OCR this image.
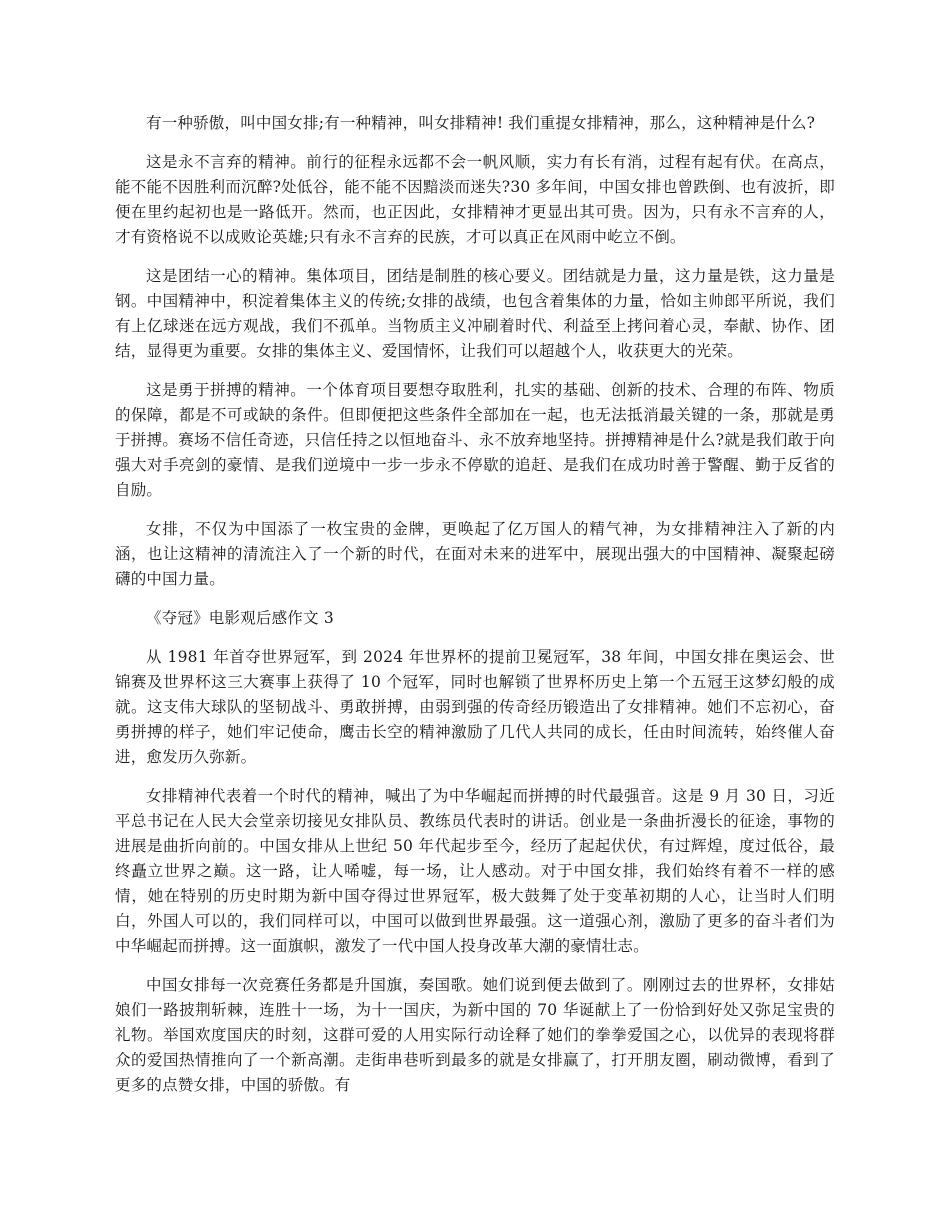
有一种骄傲，叫中国女排;有一种精神，叫女排精神! 我们重提女排精神，那么，这种精神是什么?

这是永不言弃的精神。前行的征程永远都不会一帆风顺，实力有长有消，过程有起有伏。在高点，能不能不因胜利而沉醉?处低谷，能不能不因黯淡而迷失?30 多年间，中国女排也曾跌倒、也有波折，即便在里约起初也是一路低开。然而，也正因此，女排精神才更显出其可贵。因为，只有永不言弃的人，才有资格说不以成败论英雄;只有永不言弃的民族，才可以真正在风雨中屹立不倒。

这是团结一心的精神。集体项目，团结是制胜的核心要义。团结就是力量，这力量是铁，这力量是钢。中国精神中，积淀着集体主义的传统;女排的战绩，也包含着集体的力量，恰如主帅郎平所说，我们有上亿球迷在远方观战，我们不孤单。当物质主义冲刷着时代、利益至上拷问着心灵，奉献、协作、团结，显得更为重要。女排的集体主义、爱国情怀，让我们可以超越个人，收获更大的光荣。

这是勇于拼搏的精神。一个体育项目要想夺取胜利，扎实的基础、创新的技术、合理的布阵、物质的保障，都是不可或缺的条件。但即便把这些条件全部加在一起，也无法抵消最关键的一条，那就是勇于拼搏。赛场不信任奇迹，只信任持之以恒地奋斗、永不放弃地坚持。拼搏精神是什么?就是我们敢于向强大对手亮剑的豪情、是我们逆境中一步一步永不停歇的追赶、是我们在成功时善于警醒、勤于反省的自励。

女排，不仅为中国添了一枚宝贵的金牌，更唤起了亿万国人的精气神，为女排精神注入了新的内涵，也让这精神的清流注入了一个新的时代，在面对未来的进军中，展现出强大的中国精神、凝聚起磅礴的中国力量。

《夺冠》电影观后感作文 3

从 1981 年首夺世界冠军，到 2024 年世界杯的提前卫冕冠军，38 年间，中国女排在奥运会、世锦赛及世界杯这三大赛事上获得了 10 个冠军，同时也解锁了世界杯历史上第一个五冠王这梦幻般的成就。这支伟大球队的坚韧战斗、勇敢拼搏，由弱到强的传奇经历锻造出了女排精神。她们不忘初心，奋勇拼搏的样子，她们牢记使命，鹰击长空的精神激励了几代人共同的成长，任由时间流转，始终催人奋进，愈发历久弥新。

女排精神代表着一个时代的精神，喊出了为中华崛起而拼搏的时代最强音。这是 9 月 30 日，习近平总书记在人民大会堂亲切接见女排队员、教练员代表时的讲话。创业是一条曲折漫长的征途，事物的进展是曲折向前的。中国女排从上世纪 50 年代起步至今，经历了起起伏伏，有过辉煌，度过低谷，最终矗立世界之巅。这一路，让人唏嘘，每一场，让人感动。对于中国女排，我们始终有着不一样的感情，她在特别的历史时期为新中国夺得过世界冠军，极大鼓舞了处于变革初期的人心，让当时人们明白，外国人可以的，我们同样可以，中国可以做到世界最强。这一道强心剂，激励了更多的奋斗者们为中华崛起而拼搏。这一面旗帜，激发了一代中国人投身改革大潮的豪情壮志。

中国女排每一次竞赛任务都是升国旗，奏国歌。她们说到便去做到了。刚刚过去的世界杯，女排姑娘们一路披荆斩棘，连胜十一场，为十一国庆，为新中国的 70 华诞献上了一份恰到好处又弥足宝贵的礼物。举国欢度国庆的时刻，这群可爱的人用实际行动诠释了她们的拳拳爱国之心，以优异的表现将群众的爱国热情推向了一个新高潮。走街串巷听到最多的就是女排赢了，打开朋友圈，刷动微博，看到了更多的点赞女排，中国的骄傲。有
